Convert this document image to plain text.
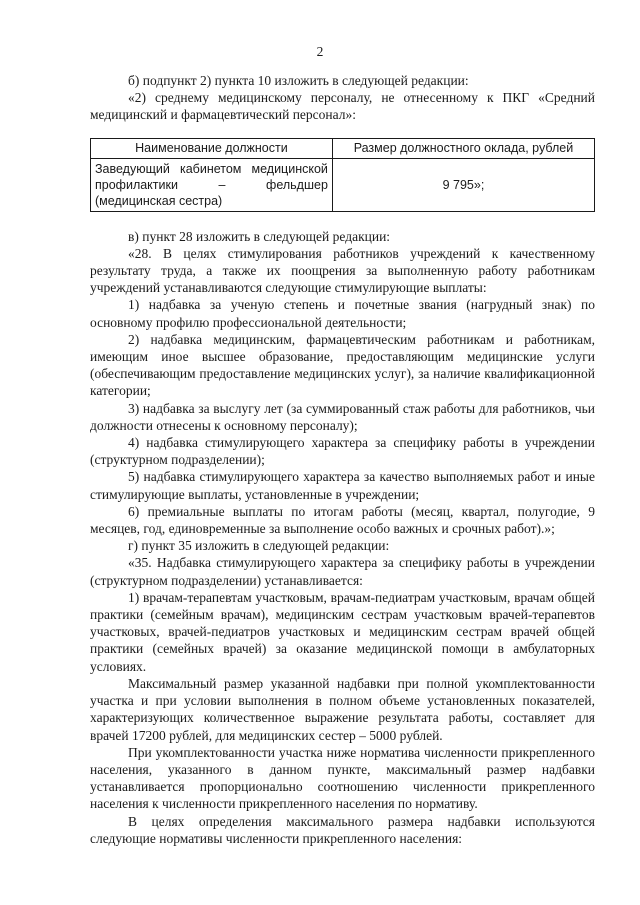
2

б) подпункт 2) пункта 10 изложить в следующей редакции:

«2) среднему медицинскому персоналу, не отнесенному к ПКГ «Средний медицинский и фармацевтический персонал»:

Наименование должности	Размер должностного оклада, рублей
Заведующий кабинетом медицинской профилактики – фельдшер (медицинская сестра)	9 795»;

в) пункт 28 изложить в следующей редакции:

«28. В целях стимулирования работников учреждений к качественному результату труда, а также их поощрения за выполненную работу работникам учреждений устанавливаются следующие стимулирующие выплаты:

1) надбавка за ученую степень и почетные звания (нагрудный знак) по основному профилю профессиональной деятельности;

2) надбавка медицинским, фармацевтическим работникам и работникам, имеющим иное высшее образование, предоставляющим медицинские услуги (обеспечивающим предоставление медицинских услуг), за наличие квалификационной категории;

3) надбавка за выслугу лет (за суммированный стаж работы для работников, чьи должности отнесены к основному персоналу);

4) надбавка стимулирующего характера за специфику работы в учреждении (структурном подразделении);

5) надбавка стимулирующего характера за качество выполняемых работ и иные стимулирующие выплаты, установленные в учреждении;

6) премиальные выплаты по итогам работы (месяц, квартал, полугодие, 9 месяцев, год, единовременные за выполнение особо важных и срочных работ).»;

г) пункт 35 изложить в следующей редакции:

«35. Надбавка стимулирующего характера за специфику работы в учреждении (структурном подразделении) устанавливается:

1) врачам-терапевтам участковым, врачам-педиатрам участковым, врачам общей практики (семейным врачам), медицинским сестрам участковым врачей-терапевтов участковых, врачей-педиатров участковых и медицинским сестрам врачей общей практики (семейных врачей) за оказание медицинской помощи в амбулаторных условиях.

Максимальный размер указанной надбавки при полной укомплектованности участка и при условии выполнения в полном объеме установленных показателей, характеризующих количественное выражение результата работы, составляет для врачей 17200 рублей, для медицинских сестер – 5000 рублей.

При укомплектованности участка ниже норматива численности прикрепленного населения, указанного в данном пункте, максимальный размер надбавки устанавливается пропорционально соотношению численности прикрепленного населения к численности прикрепленного населения по нормативу.

В целях определения максимального размера надбавки используются следующие нормативы численности прикрепленного населения:
